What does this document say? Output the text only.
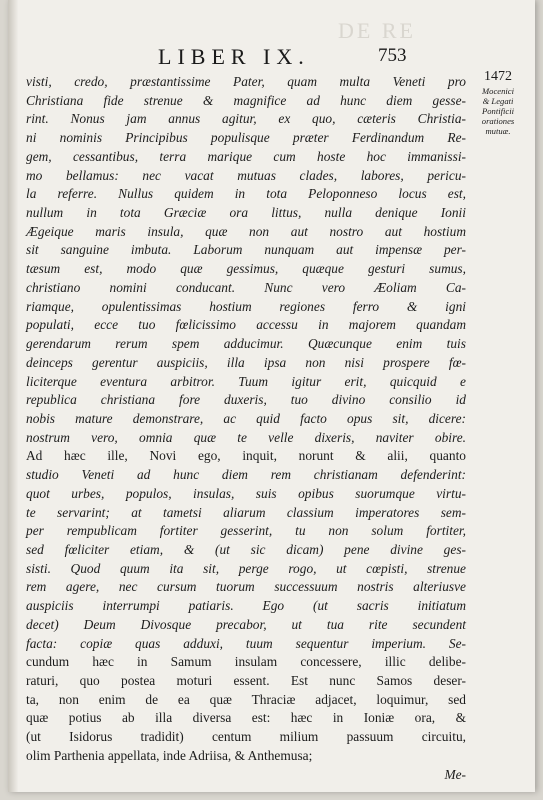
DE RE
LIBER IX.	753
1472
Mocenici
& Legati
Pontificii
orationes
mutuæ.
visti, credo, præstantissime Pater, quam multa Veneti pro
Christiana fide strenue & magnifice ad hunc diem gesse-
rint. Nonus jam annus agitur, ex quo, cæteris Christia-
ni nominis Principibus populisque præter Ferdinandum Re-
gem, cessantibus, terra marique cum hoste hoc immanissi-
mo bellamus: nec vacat mutuas clades, labores, pericu-
la referre. Nullus quidem in tota Peloponneso locus est,
nullum in tota Græciæ ora littus, nulla denique Ionii
Ægeique maris insula, quæ non aut nostro aut hostium
sit sanguine imbuta. Laborum nunquam aut impensæ per-
tæsum est, modo quæ gessimus, quæque gesturi sumus,
christiano nomini conducant. Nunc vero Æoliam Ca-
riamque, opulentissimas hostium regiones ferro & igni
populati, ecce tuo fœlicissimo accessu in majorem quandam
gerendarum rerum spem adducimur. Quæcunque enim tuis
deinceps gerentur auspiciis, illa ipsa non nisi prospere fœ-
liciterque eventura arbitror. Tuum igitur erit, quicquid e
republica christiana fore duxeris, tuo divino consilio id
nobis mature demonstrare, ac quid facto opus sit, dicere:
nostrum vero, omnia quæ te velle dixeris, naviter obire.
Ad hæc ille, Novi ego, inquit, norunt & alii, quanto
studio Veneti ad hunc diem rem christianam defenderint:
quot urbes, populos, insulas, suis opibus suorumque virtu-
te servarint; at tametsi aliarum classium imperatores sem-
per rempublicam fortiter gesserint, tu non solum fortiter,
sed fœliciter etiam, & (ut sic dicam) pene divine ges-
sisti. Quod quum ita sit, perge rogo, ut cœpisti, strenue
rem agere, nec cursum tuorum successuum nostris alteriusve
auspiciis interrumpi patiaris. Ego (ut sacris initiatum
decet) Deum Divosque precabor, ut tua rite secundent
facta: copiæ quas adduxi, tuum sequentur imperium. Se-
cundum hæc in Samum insulam concessere, illic delibe-
raturi, quo postea moturi essent. Est nunc Samos deser-
ta, non enim de ea quæ Thraciæ adjacet, loquimur, sed
quæ potius ab illa diversa est: hæc in Ioniæ ora, &
(ut Isidorus tradidit) centum milium passuum circuitu,
olim Parthenia appellata, inde Adriisa, & Anthemusa;
Me-
